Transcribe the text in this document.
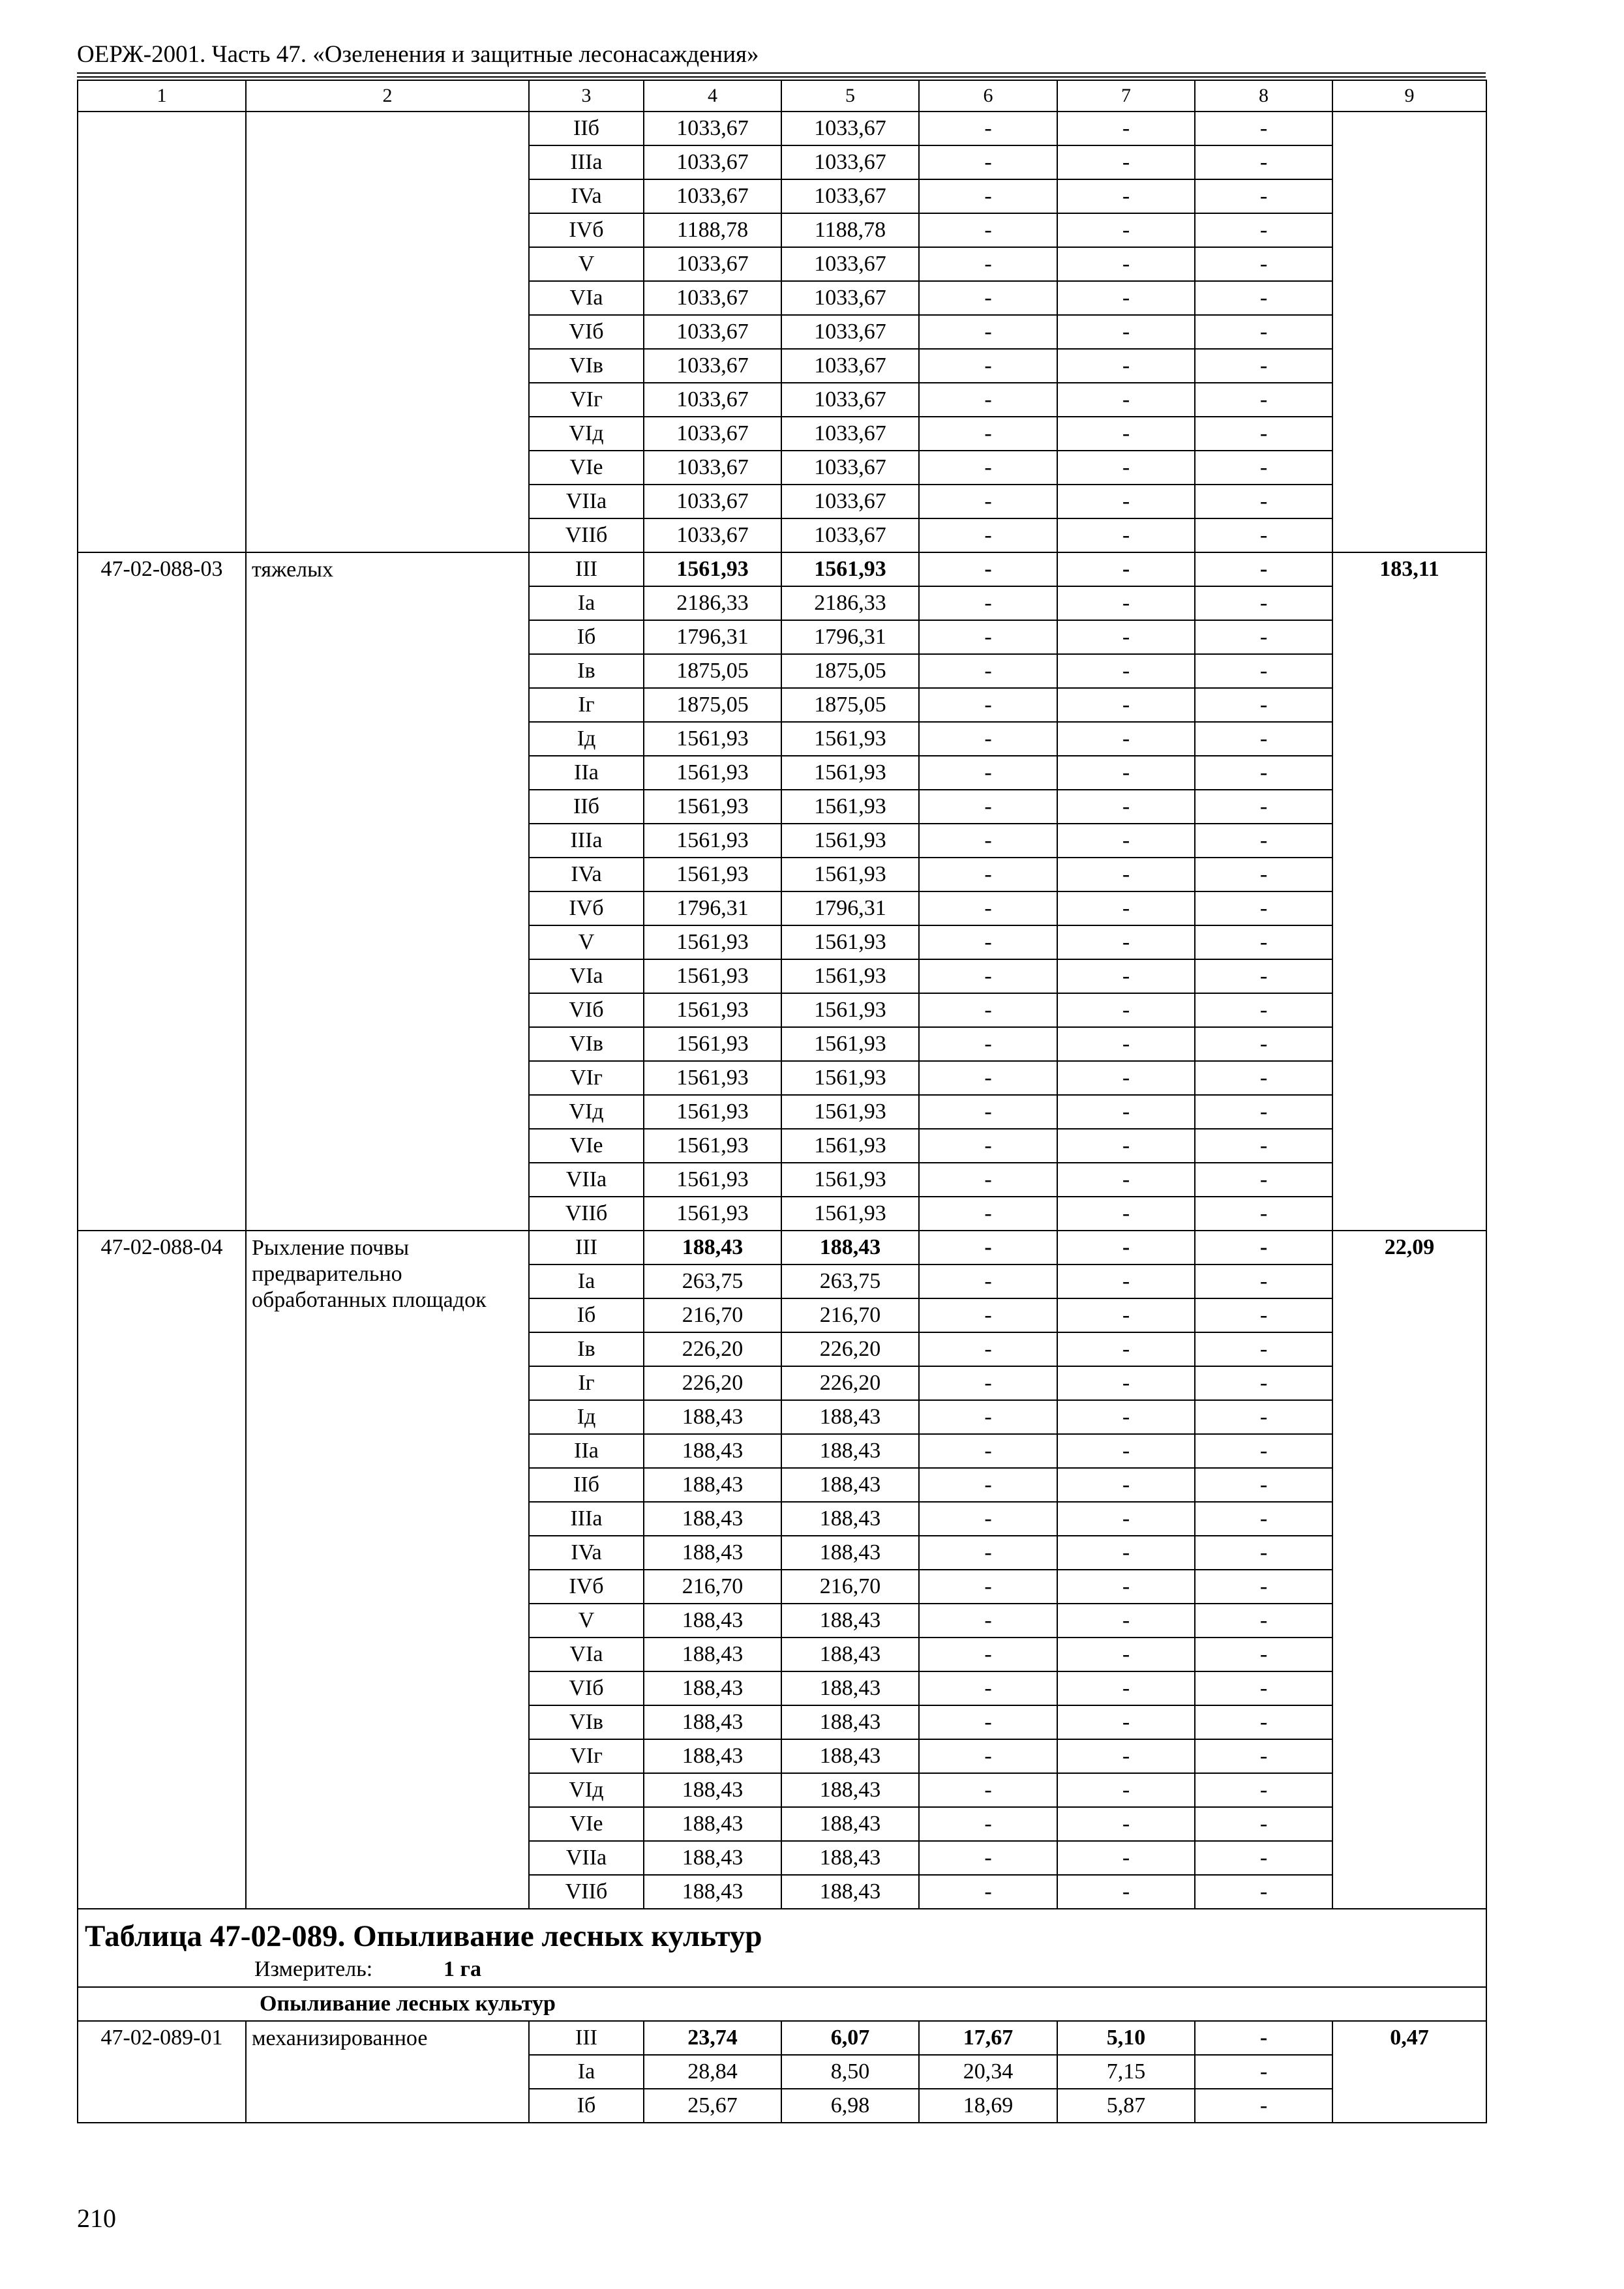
ОЕРЖ-2001. Часть 47. «Озеленения и защитные лесонасаждения»
1	2	3	4	5	6	7	8	9
		IIб	1033,67	1033,67	-	-	-	
		IIIa	1033,67	1033,67	-	-	-	
		IVa	1033,67	1033,67	-	-	-	
		IVб	1188,78	1188,78	-	-	-	
		V	1033,67	1033,67	-	-	-	
		VIa	1033,67	1033,67	-	-	-	
		VIб	1033,67	1033,67	-	-	-	
		VIв	1033,67	1033,67	-	-	-	
		VIг	1033,67	1033,67	-	-	-	
		VIд	1033,67	1033,67	-	-	-	
		VIe	1033,67	1033,67	-	-	-	
		VIIa	1033,67	1033,67	-	-	-	
		VIIб	1033,67	1033,67	-	-	-	
47-02-088-03	тяжелых	III	1561,93	1561,93	-	-	-	183,11
		Ia	2186,33	2186,33	-	-	-	
		Iб	1796,31	1796,31	-	-	-	
		Iв	1875,05	1875,05	-	-	-	
		Iг	1875,05	1875,05	-	-	-	
		Iд	1561,93	1561,93	-	-	-	
		IIa	1561,93	1561,93	-	-	-	
		IIб	1561,93	1561,93	-	-	-	
		IIIa	1561,93	1561,93	-	-	-	
		IVa	1561,93	1561,93	-	-	-	
		IVб	1796,31	1796,31	-	-	-	
		V	1561,93	1561,93	-	-	-	
		VIa	1561,93	1561,93	-	-	-	
		VIб	1561,93	1561,93	-	-	-	
		VIв	1561,93	1561,93	-	-	-	
		VIг	1561,93	1561,93	-	-	-	
		VIд	1561,93	1561,93	-	-	-	
		VIe	1561,93	1561,93	-	-	-	
		VIIa	1561,93	1561,93	-	-	-	
		VIIб	1561,93	1561,93	-	-	-	
47-02-088-04	Рыхление почвы предварительно обработанных площадок	III	188,43	188,43	-	-	-	22,09
		Ia	263,75	263,75	-	-	-	
		Iб	216,70	216,70	-	-	-	
		Iв	226,20	226,20	-	-	-	
		Iг	226,20	226,20	-	-	-	
		Iд	188,43	188,43	-	-	-	
		IIa	188,43	188,43	-	-	-	
		IIб	188,43	188,43	-	-	-	
		IIIa	188,43	188,43	-	-	-	
		IVa	188,43	188,43	-	-	-	
		IVб	216,70	216,70	-	-	-	
		V	188,43	188,43	-	-	-	
		VIa	188,43	188,43	-	-	-	
		VIб	188,43	188,43	-	-	-	
		VIв	188,43	188,43	-	-	-	
		VIг	188,43	188,43	-	-	-	
		VIд	188,43	188,43	-	-	-	
		VIe	188,43	188,43	-	-	-	
		VIIa	188,43	188,43	-	-	-	
		VIIб	188,43	188,43	-	-	-	

Таблица 47-02-089. Опыливание лесных культур
Измеритель: 1 га								

Опыливание лесных культур								
47-02-089-01	механизированное	III	23,74	6,07	17,67	5,10	-	0,47
		Ia	28,84	8,50	20,34	7,15	-	
		Iб	25,67	6,98	18,69	5,87	-	
210
